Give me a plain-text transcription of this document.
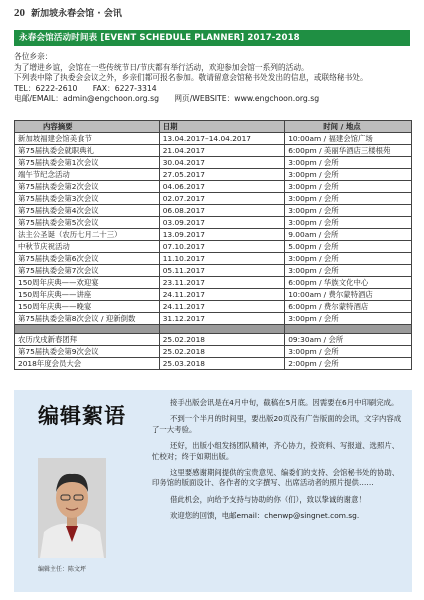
20 新加坡永春会馆 · 会讯
永春会馆活动时间表 [EVENT SCHEDULE PLANNER] 2017-2018

各位乡亲：

为了增进乡谊，会馆在一些传统节日/节庆都有举行活动，欢迎参加会馆一系列的活动。

下列表中除了执委会会议之外，乡亲们都可报名参加。敬请留意会馆秘书处发出的信息，或联络秘书处。

TEL：6222-2610　　FAX：6227-3314

电邮/EMAIL：admin@engchoon.org.sg　　网页/WEBSITE：www.engchoon.org.sg

内容摘要	日期	时间 / 地点
新加坡福建会馆美食节	13.04.2017–14.04.2017	10:00am / 福建会馆广场
第75届执委会就职典礼	21.04.2017	6:00pm / 美丽华酒店三楼根苑
第75届执委会第1次会议	30.04.2017	3:00pm / 会所
端午节纪念活动	27.05.2017	3:00pm / 会所
第75届执委会第2次会议	04.06.2017	3:00pm / 会所
第75届执委会第3次会议	02.07.2017	3:00pm / 会所
第75届执委会第4次会议	06.08.2017	3:00pm / 会所
第75届执委会第5次会议	03.09.2017	3:00pm / 会所
法主公圣诞（农历七月二十三）	13.09.2017	9.00am / 会所
中秋节庆祝活动	07.10.2017	5.00pm / 会所
第75届执委会第6次会议	11.10.2017	3:00pm / 会所
第75届执委会第7次会议	05.11.2017	3:00pm / 会所
150周年庆典——欢迎宴	23.11.2017	6:00pm / 华族文化中心
150周年庆典——讲座	24.11.2017	10:00am / 费尔蒙特酒店
150周年庆典——晚宴	24.11.2017	6:00pm / 费尔蒙特酒店
第75届执委会第8次会议 / 迎新倒数	31.12.2017	3:00pm / 会所

农历戊戌新春团拜	25.02.2018	09:30am / 会所
第75届执委会第9次会议	25.02.2018	3:00pm / 会所
2018年度会员大会	25.03.2018	2:00pm / 会所
编辑絮语
编辑主任：陈文坪

接手出版会讯是在4月中旬，截稿在5月底。因需要在6月中印刷完成。

不到一个半月的时间里，要出版20页没有广告版面的会讯，文字内容成了一大考验。

还好，出版小组发扬团队精神，齐心协力，投资料、写报道、选照片、忙校对；终于如期出版。

这里要感谢期间提供的宝贵意见、编委们的支持、会馆秘书处的协助、印务馆的版面设计、各作者的文字撰写、出席活动者的照片提供……

借此机会，向给予支持与协助的你（们），致以挚诚的谢意！

欢迎您的回馈，电邮email：chenwp@singnet.com.sg.
